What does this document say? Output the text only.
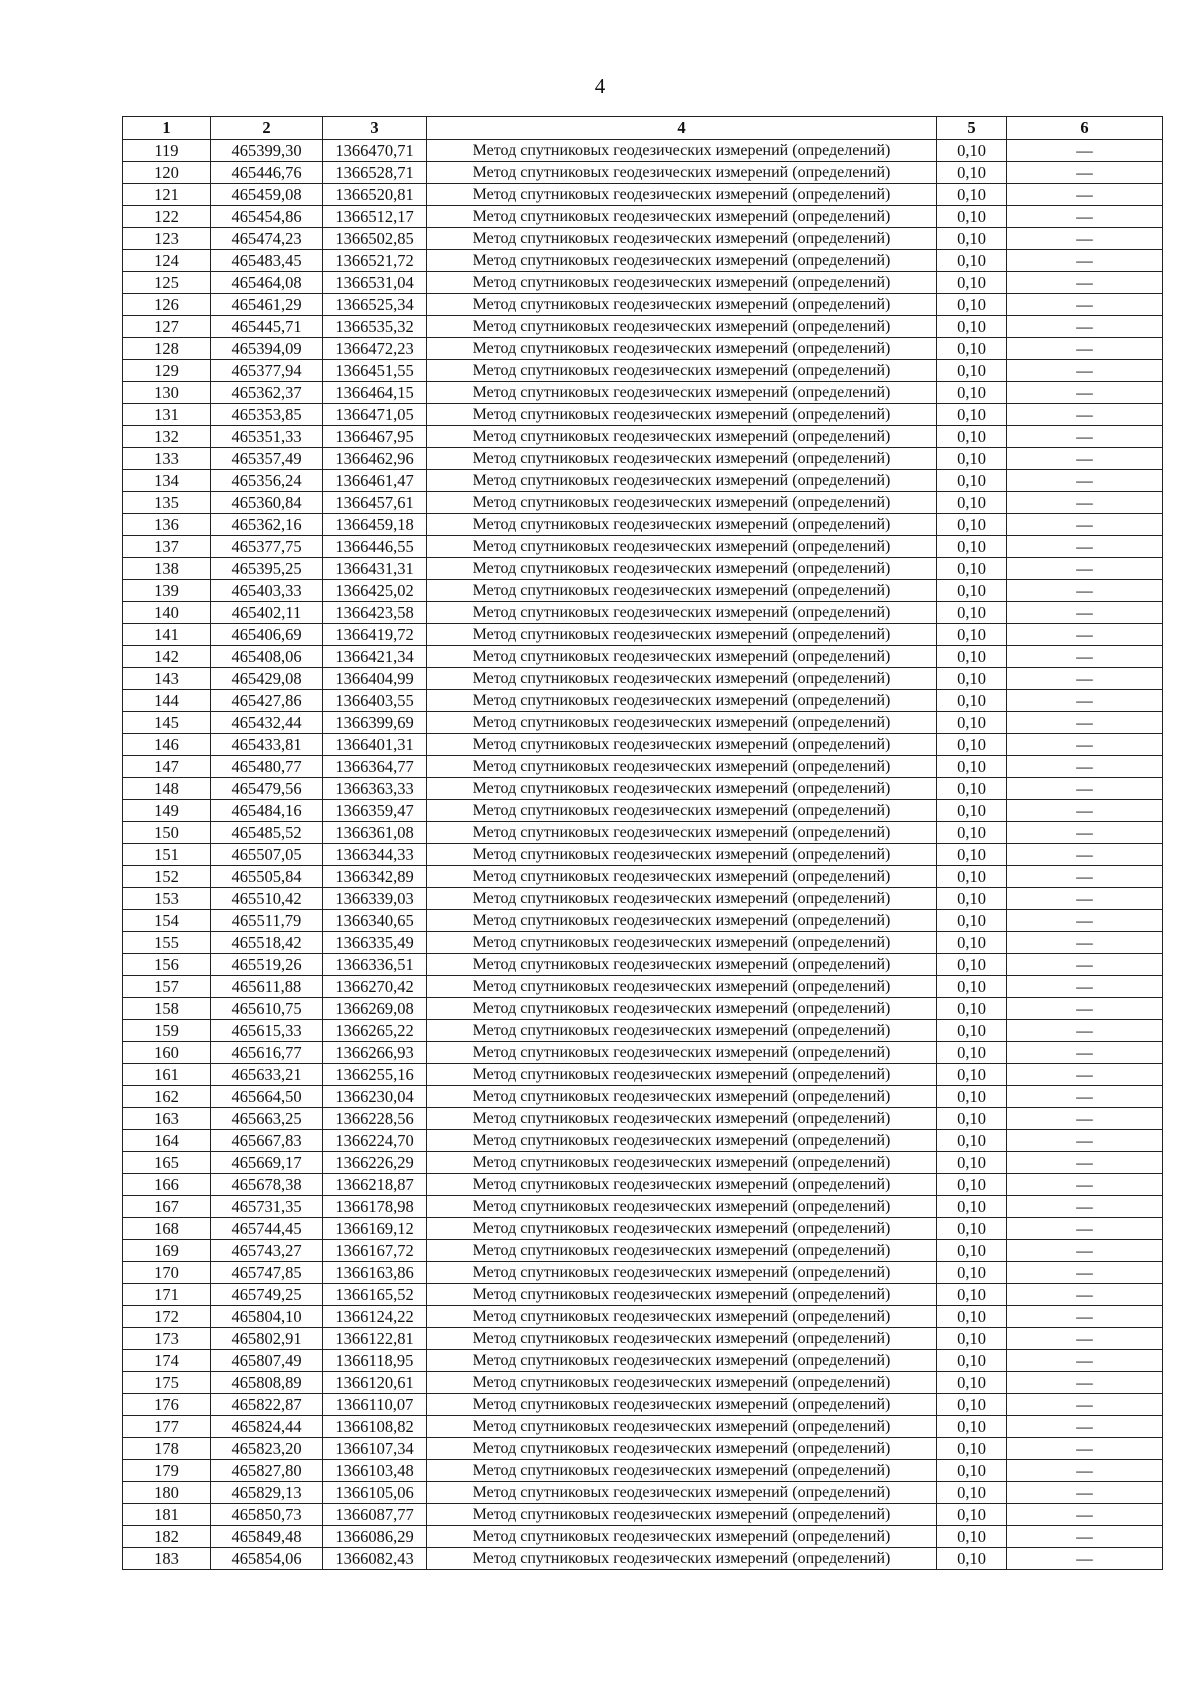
4
1	2	3	4	5	6
119	465399,30	1366470,71	Метод спутниковых геодезических измерений (определений)	0,10	—
120	465446,76	1366528,71	Метод спутниковых геодезических измерений (определений)	0,10	—
121	465459,08	1366520,81	Метод спутниковых геодезических измерений (определений)	0,10	—
122	465454,86	1366512,17	Метод спутниковых геодезических измерений (определений)	0,10	—
123	465474,23	1366502,85	Метод спутниковых геодезических измерений (определений)	0,10	—
124	465483,45	1366521,72	Метод спутниковых геодезических измерений (определений)	0,10	—
125	465464,08	1366531,04	Метод спутниковых геодезических измерений (определений)	0,10	—
126	465461,29	1366525,34	Метод спутниковых геодезических измерений (определений)	0,10	—
127	465445,71	1366535,32	Метод спутниковых геодезических измерений (определений)	0,10	—
128	465394,09	1366472,23	Метод спутниковых геодезических измерений (определений)	0,10	—
129	465377,94	1366451,55	Метод спутниковых геодезических измерений (определений)	0,10	—
130	465362,37	1366464,15	Метод спутниковых геодезических измерений (определений)	0,10	—
131	465353,85	1366471,05	Метод спутниковых геодезических измерений (определений)	0,10	—
132	465351,33	1366467,95	Метод спутниковых геодезических измерений (определений)	0,10	—
133	465357,49	1366462,96	Метод спутниковых геодезических измерений (определений)	0,10	—
134	465356,24	1366461,47	Метод спутниковых геодезических измерений (определений)	0,10	—
135	465360,84	1366457,61	Метод спутниковых геодезических измерений (определений)	0,10	—
136	465362,16	1366459,18	Метод спутниковых геодезических измерений (определений)	0,10	—
137	465377,75	1366446,55	Метод спутниковых геодезических измерений (определений)	0,10	—
138	465395,25	1366431,31	Метод спутниковых геодезических измерений (определений)	0,10	—
139	465403,33	1366425,02	Метод спутниковых геодезических измерений (определений)	0,10	—
140	465402,11	1366423,58	Метод спутниковых геодезических измерений (определений)	0,10	—
141	465406,69	1366419,72	Метод спутниковых геодезических измерений (определений)	0,10	—
142	465408,06	1366421,34	Метод спутниковых геодезических измерений (определений)	0,10	—
143	465429,08	1366404,99	Метод спутниковых геодезических измерений (определений)	0,10	—
144	465427,86	1366403,55	Метод спутниковых геодезических измерений (определений)	0,10	—
145	465432,44	1366399,69	Метод спутниковых геодезических измерений (определений)	0,10	—
146	465433,81	1366401,31	Метод спутниковых геодезических измерений (определений)	0,10	—
147	465480,77	1366364,77	Метод спутниковых геодезических измерений (определений)	0,10	—
148	465479,56	1366363,33	Метод спутниковых геодезических измерений (определений)	0,10	—
149	465484,16	1366359,47	Метод спутниковых геодезических измерений (определений)	0,10	—
150	465485,52	1366361,08	Метод спутниковых геодезических измерений (определений)	0,10	—
151	465507,05	1366344,33	Метод спутниковых геодезических измерений (определений)	0,10	—
152	465505,84	1366342,89	Метод спутниковых геодезических измерений (определений)	0,10	—
153	465510,42	1366339,03	Метод спутниковых геодезических измерений (определений)	0,10	—
154	465511,79	1366340,65	Метод спутниковых геодезических измерений (определений)	0,10	—
155	465518,42	1366335,49	Метод спутниковых геодезических измерений (определений)	0,10	—
156	465519,26	1366336,51	Метод спутниковых геодезических измерений (определений)	0,10	—
157	465611,88	1366270,42	Метод спутниковых геодезических измерений (определений)	0,10	—
158	465610,75	1366269,08	Метод спутниковых геодезических измерений (определений)	0,10	—
159	465615,33	1366265,22	Метод спутниковых геодезических измерений (определений)	0,10	—
160	465616,77	1366266,93	Метод спутниковых геодезических измерений (определений)	0,10	—
161	465633,21	1366255,16	Метод спутниковых геодезических измерений (определений)	0,10	—
162	465664,50	1366230,04	Метод спутниковых геодезических измерений (определений)	0,10	—
163	465663,25	1366228,56	Метод спутниковых геодезических измерений (определений)	0,10	—
164	465667,83	1366224,70	Метод спутниковых геодезических измерений (определений)	0,10	—
165	465669,17	1366226,29	Метод спутниковых геодезических измерений (определений)	0,10	—
166	465678,38	1366218,87	Метод спутниковых геодезических измерений (определений)	0,10	—
167	465731,35	1366178,98	Метод спутниковых геодезических измерений (определений)	0,10	—
168	465744,45	1366169,12	Метод спутниковых геодезических измерений (определений)	0,10	—
169	465743,27	1366167,72	Метод спутниковых геодезических измерений (определений)	0,10	—
170	465747,85	1366163,86	Метод спутниковых геодезических измерений (определений)	0,10	—
171	465749,25	1366165,52	Метод спутниковых геодезических измерений (определений)	0,10	—
172	465804,10	1366124,22	Метод спутниковых геодезических измерений (определений)	0,10	—
173	465802,91	1366122,81	Метод спутниковых геодезических измерений (определений)	0,10	—
174	465807,49	1366118,95	Метод спутниковых геодезических измерений (определений)	0,10	—
175	465808,89	1366120,61	Метод спутниковых геодезических измерений (определений)	0,10	—
176	465822,87	1366110,07	Метод спутниковых геодезических измерений (определений)	0,10	—
177	465824,44	1366108,82	Метод спутниковых геодезических измерений (определений)	0,10	—
178	465823,20	1366107,34	Метод спутниковых геодезических измерений (определений)	0,10	—
179	465827,80	1366103,48	Метод спутниковых геодезических измерений (определений)	0,10	—
180	465829,13	1366105,06	Метод спутниковых геодезических измерений (определений)	0,10	—
181	465850,73	1366087,77	Метод спутниковых геодезических измерений (определений)	0,10	—
182	465849,48	1366086,29	Метод спутниковых геодезических измерений (определений)	0,10	—
183	465854,06	1366082,43	Метод спутниковых геодезических измерений (определений)	0,10	—
